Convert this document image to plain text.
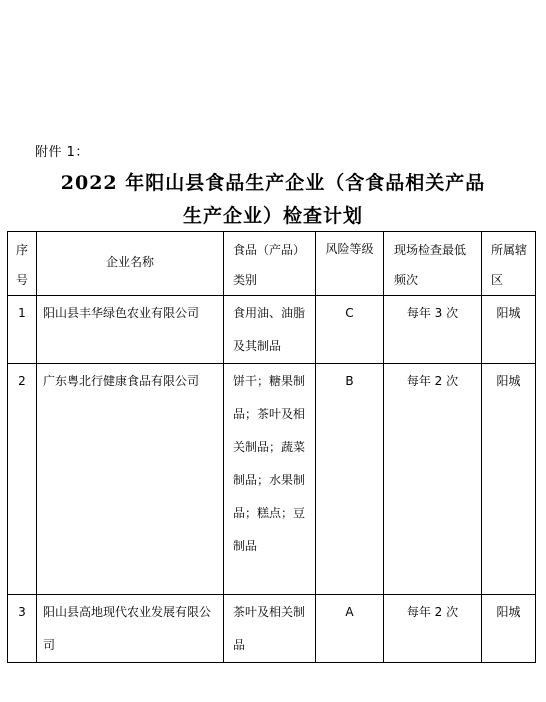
附件 1：
2022 年阳山县食品生产企业（含食品相关产品
生产企业）检查计划
序号	企业名称	食品（产品）类别	风险等级	现场检查最低频次	所属辖区

1	阳山县丰华绿色农业有限公司	食用油、油脂及其制品	C	每年 3 次	阳城

2	广东粤北行健康食品有限公司	饼干；糖果制品；茶叶及相关制品；蔬菜制品；水果制品；糕点；豆制品	B	每年 2 次	阳城

3	阳山县高地现代农业发展有限公司	茶叶及相关制品	A	每年 2 次	阳城
